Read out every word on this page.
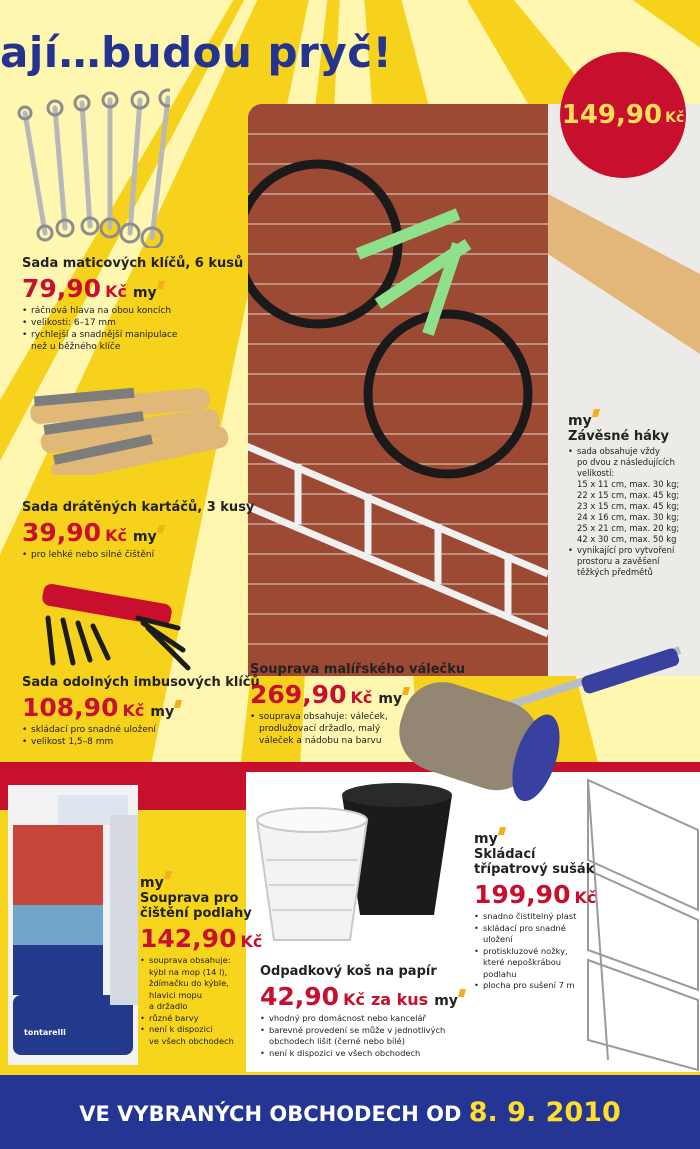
ají…budou pryč!
149,90 Kč
Sada maticových klíčů, 6 kusů
79,90 Kč my
• ráčnová hlava na obou koncích
• velikosti: 6–17 mm
• rychlejší a snadnější manipulace
než u běžného klíče
Sada drátěných kartáčů, 3 kusy
39,90 Kč my
• pro lehké nebo silné čištění
Sada odolných imbusových klíčů
108,90 Kč my
• skládací pro snadné uložení
• velikost 1,5–8 mm
my
Závěsné háky
• sada obsahuje vždy
po dvou z následujících
velikostí:
15 x 11 cm, max. 30 kg;
22 x 15 cm, max. 45 kg;
23 x 15 cm, max. 45 kg;
24 x 16 cm, max. 30 kg;
25 x 21 cm, max. 20 kg;
42 x 30 cm, max. 50 kg
• vynikající pro vytvoření
prostoru a zavěšení
těžkých předmětů
Souprava malířského válečku
269,90 Kč my
• souprava obsahuje: váleček,
prodlužovací držadlo, malý
váleček a nádobu na barvu
tontarelli
my
Souprava pro
čištění podlahy
142,90 Kč
• souprava obsahuje:
kýbl na mop (14 l),
ždímačku do kýble,
hlavici mopu
a držadlo
• různé barvy
• není k dispozici
ve všech obchodech
Odpadkový koš na papír
42,90 Kč za kus my
• vhodný pro domácnost nebo kancelář
• barevné provedení se může v jednotlivých
obchodech lišit (černé nebo bílé)
• není k dispozici ve všech obchodech
my
Skládací
třípatrový sušák
199,90 Kč
• snadno čistitelný plast
• skládací pro snadné
uložení
• protiskluzové nožky,
které nepoškrábou
podlahu
• plocha pro sušení 7 m
VE VYBRANÝCH OBCHODECH OD 8. 9. 2010
